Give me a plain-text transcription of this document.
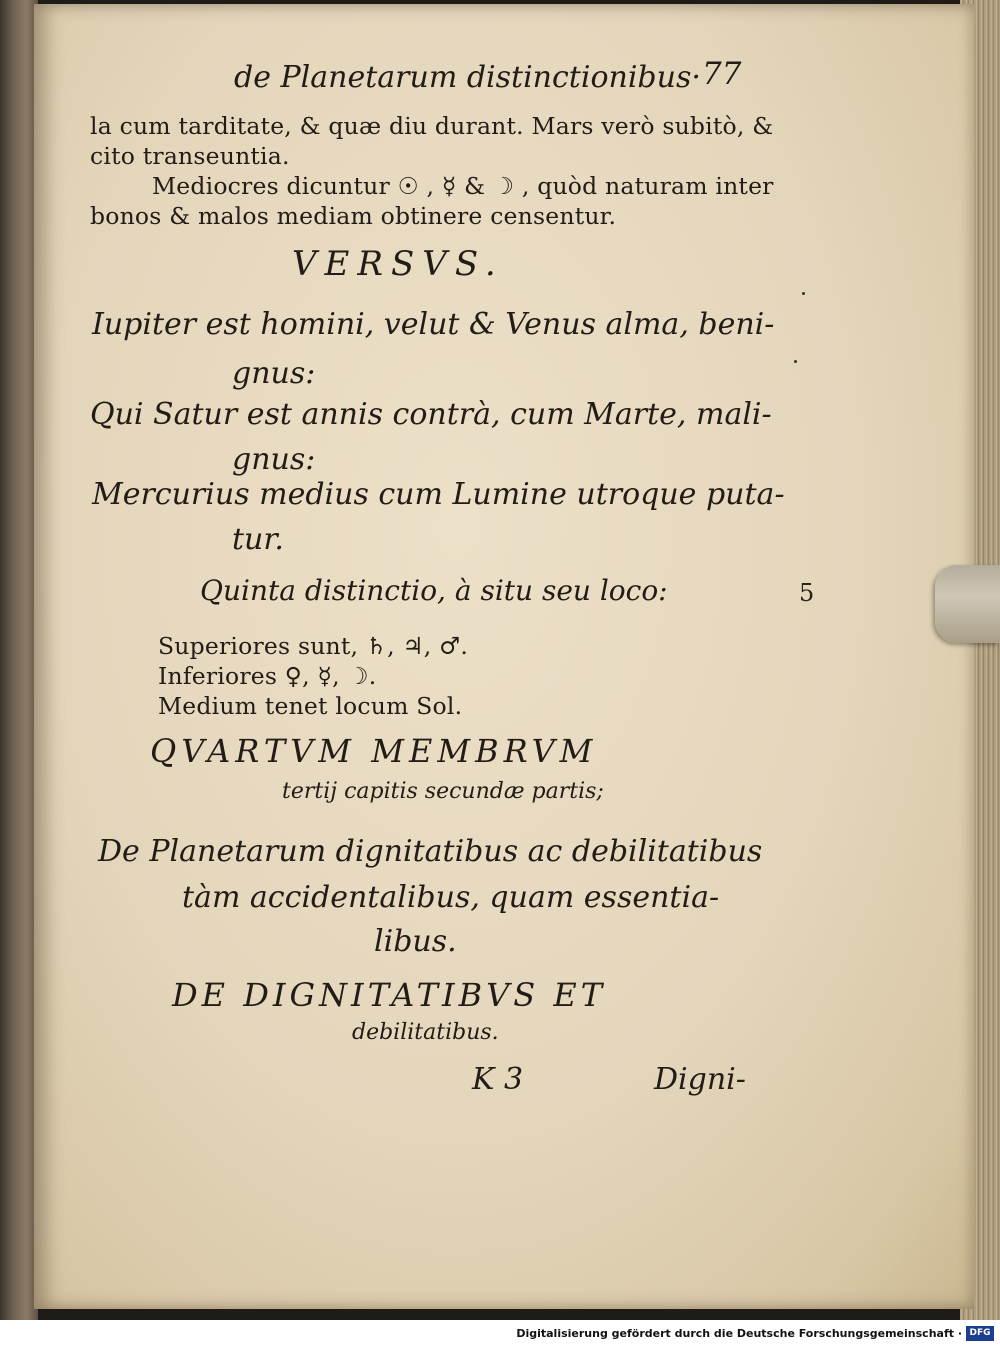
de Planetarum distinctionibus· 77
la cum tarditate, & quæ diu durant. Mars verò subitò, &
cito transeuntia.
Mediocres dicuntur ☉ , ☿ & ☽ , quòd naturam inter
bonos & malos mediam obtinere censentur.
VERSVS.
Iupiter est homini, velut & Venus alma, beni-
gnus:
Qui Satur est annis contrà, cum Marte, mali-
gnus:
Mercurius medius cum Lumine utroque puta-
tur.
Quinta distinctio, à situ seu loco:
Superiores sunt, ♄, ♃, ♂.
Inferiores ♀, ☿, ☽.
Medium tenet locum Sol.
QVARTVM MEMBRVM
tertij capitis secundæ partis;
De Planetarum dignitatibus ac debilitatibus
tàm accidentalibus, quam essentia-
libus.
DE DIGNITATIBVS ET
debilitatibus.
K 3	Digni-
5
Digitalisierung gefördert durch die Deutsche Forschungsgemeinschaft · DFG
